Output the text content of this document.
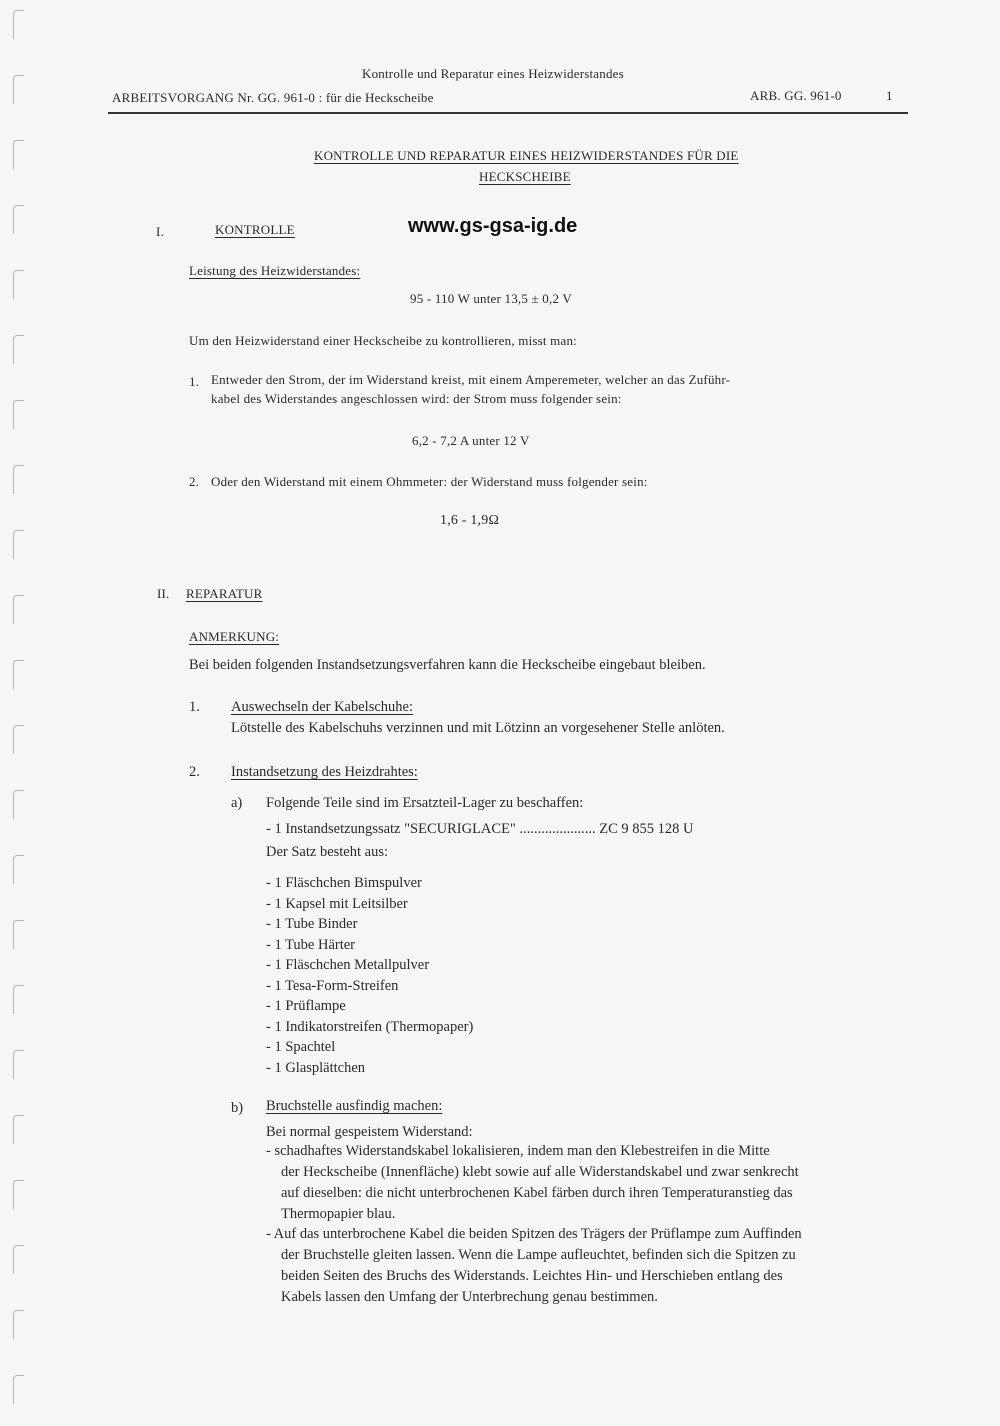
Kontrolle und Reparatur eines Heizwiderstandes
ARBEITSVORGANG Nr. GG. 961-0 : für die Heckscheibe	ARB. GG. 961-0	1
KONTROLLE UND REPARATUR EINES HEIZWIDERSTANDES FÜR DIE
HECKSCHEIBE
www.gs-gsa-ig.de
I.	KONTROLLE
Leistung des Heizwiderstandes:
95 - 110 W unter 13,5 ± 0,2 V
Um den Heizwiderstand einer Heckscheibe zu kontrollieren, misst man:
1. Entweder den Strom, der im Widerstand kreist, mit einem Amperemeter, welcher an das Zuführ-
kabel des Widerstandes angeschlossen wird: der Strom muss folgender sein:
6,2 - 7,2 A unter 12 V
2. Oder den Widerstand mit einem Ohmmeter: der Widerstand muss folgender sein:
1,6 - 1,9Ω
II. REPARATUR
ANMERKUNG:
Bei beiden folgenden Instandsetzungsverfahren kann die Heckscheibe eingebaut bleiben.
1. Auswechseln der Kabelschuhe:
Lötstelle des Kabelschuhs verzinnen und mit Lötzinn an vorgesehener Stelle anlöten.
2. Instandsetzung des Heizdrahtes:
a) Folgende Teile sind im Ersatzteil-Lager zu beschaffen:
- 1 Instandsetzungssatz "SECURIGLACE" ..................... ZC 9 855 128 U
Der Satz besteht aus:
- 1 Fläschchen Bimspulver
- 1 Kapsel mit Leitsilber
- 1 Tube Binder
- 1 Tube Härter
- 1 Fläschchen Metallpulver
- 1 Tesa-Form-Streifen
- 1 Prüflampe
- 1 Indikatorstreifen (Thermopaper)
- 1 Spachtel
- 1 Glasplättchen
b) Bruchstelle ausfindig machen:
Bei normal gespeistem Widerstand:
- schadhaftes Widerstandskabel lokalisieren, indem man den Klebestreifen in die Mitte
der Heckscheibe (Innenfläche) klebt sowie auf alle Widerstandskabel und zwar senkrecht
auf dieselben: die nicht unterbrochenen Kabel färben durch ihren Temperaturanstieg das
Thermopapier blau.
- Auf das unterbrochene Kabel die beiden Spitzen des Trägers der Prüflampe zum Auffinden
der Bruchstelle gleiten lassen. Wenn die Lampe aufleuchtet, befinden sich die Spitzen zu
beiden Seiten des Bruchs des Widerstands. Leichtes Hin- und Herschieben entlang des
Kabels lassen den Umfang der Unterbrechung genau bestimmen.
